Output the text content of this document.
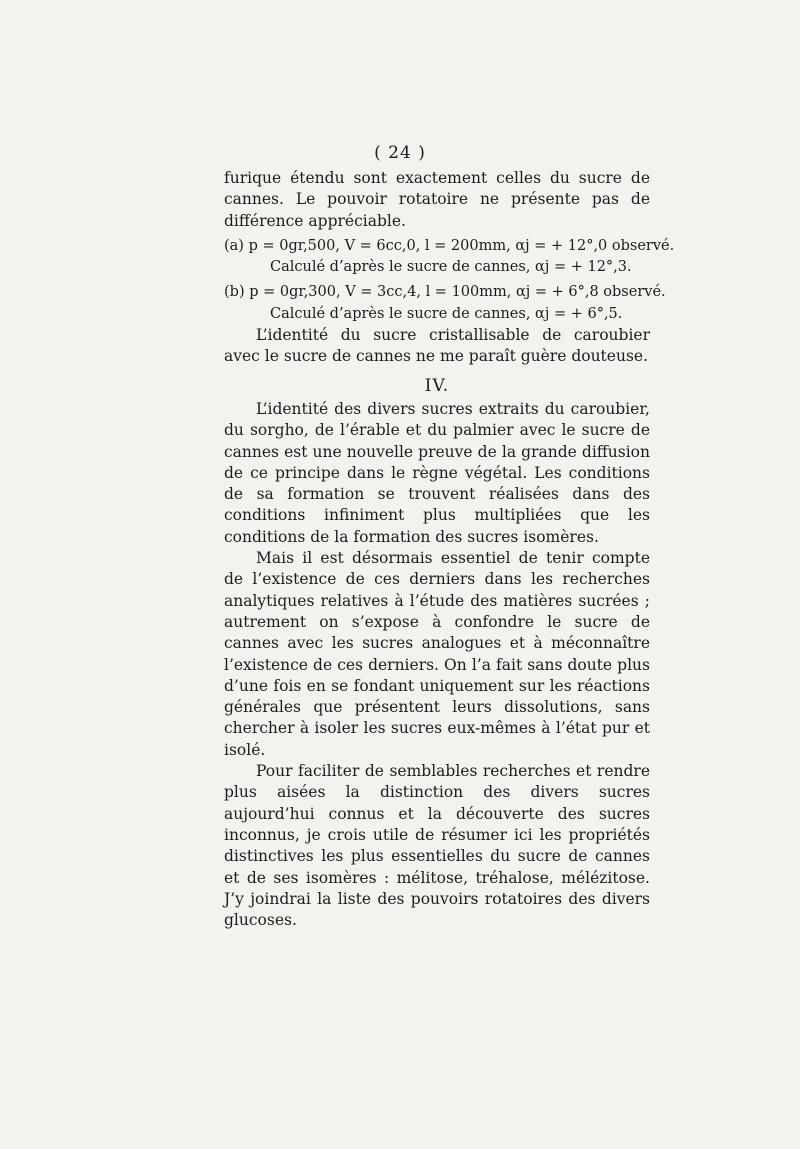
( 24 )

furique étendu sont exactement celles du sucre de cannes. Le pouvoir rotatoire ne présente pas de différence appréciable.

(a) p = 0gr,500, V = 6cc,0, l = 200mm, αj = + 12°,0 observé.

Calculé d’après le sucre de cannes, αj = + 12°,3.

(b) p = 0gr,300, V = 3cc,4, l = 100mm, αj = + 6°,8 observé.

Calculé d’après le sucre de cannes, αj = + 6°,5.

L’identité du sucre cristallisable de caroubier avec le sucre de cannes ne me paraît guère douteuse.

IV.

L’identité des divers sucres extraits du caroubier, du sorgho, de l’érable et du palmier avec le sucre de cannes est une nouvelle preuve de la grande diffusion de ce principe dans le règne végétal. Les conditions de sa formation se trouvent réalisées dans des conditions infiniment plus multipliées que les conditions de la formation des sucres isomères.

Mais il est désormais essentiel de tenir compte de l’existence de ces derniers dans les recherches analytiques relatives à l’étude des matières sucrées ; autrement on s’expose à confondre le sucre de cannes avec les sucres analogues et à méconnaître l’existence de ces derniers. On l’a fait sans doute plus d’une fois en se fondant uniquement sur les réactions générales que présentent leurs dissolutions, sans chercher à isoler les sucres eux-mêmes à l’état pur et isolé.

Pour faciliter de semblables recherches et rendre plus aisées la distinction des divers sucres aujourd’hui connus et la découverte des sucres inconnus, je crois utile de résumer ici les propriétés distinctives les plus essentielles du sucre de cannes et de ses isomères : mélitose, tréhalose, mélézitose. J’y joindrai la liste des pouvoirs rotatoires des divers glucoses.
